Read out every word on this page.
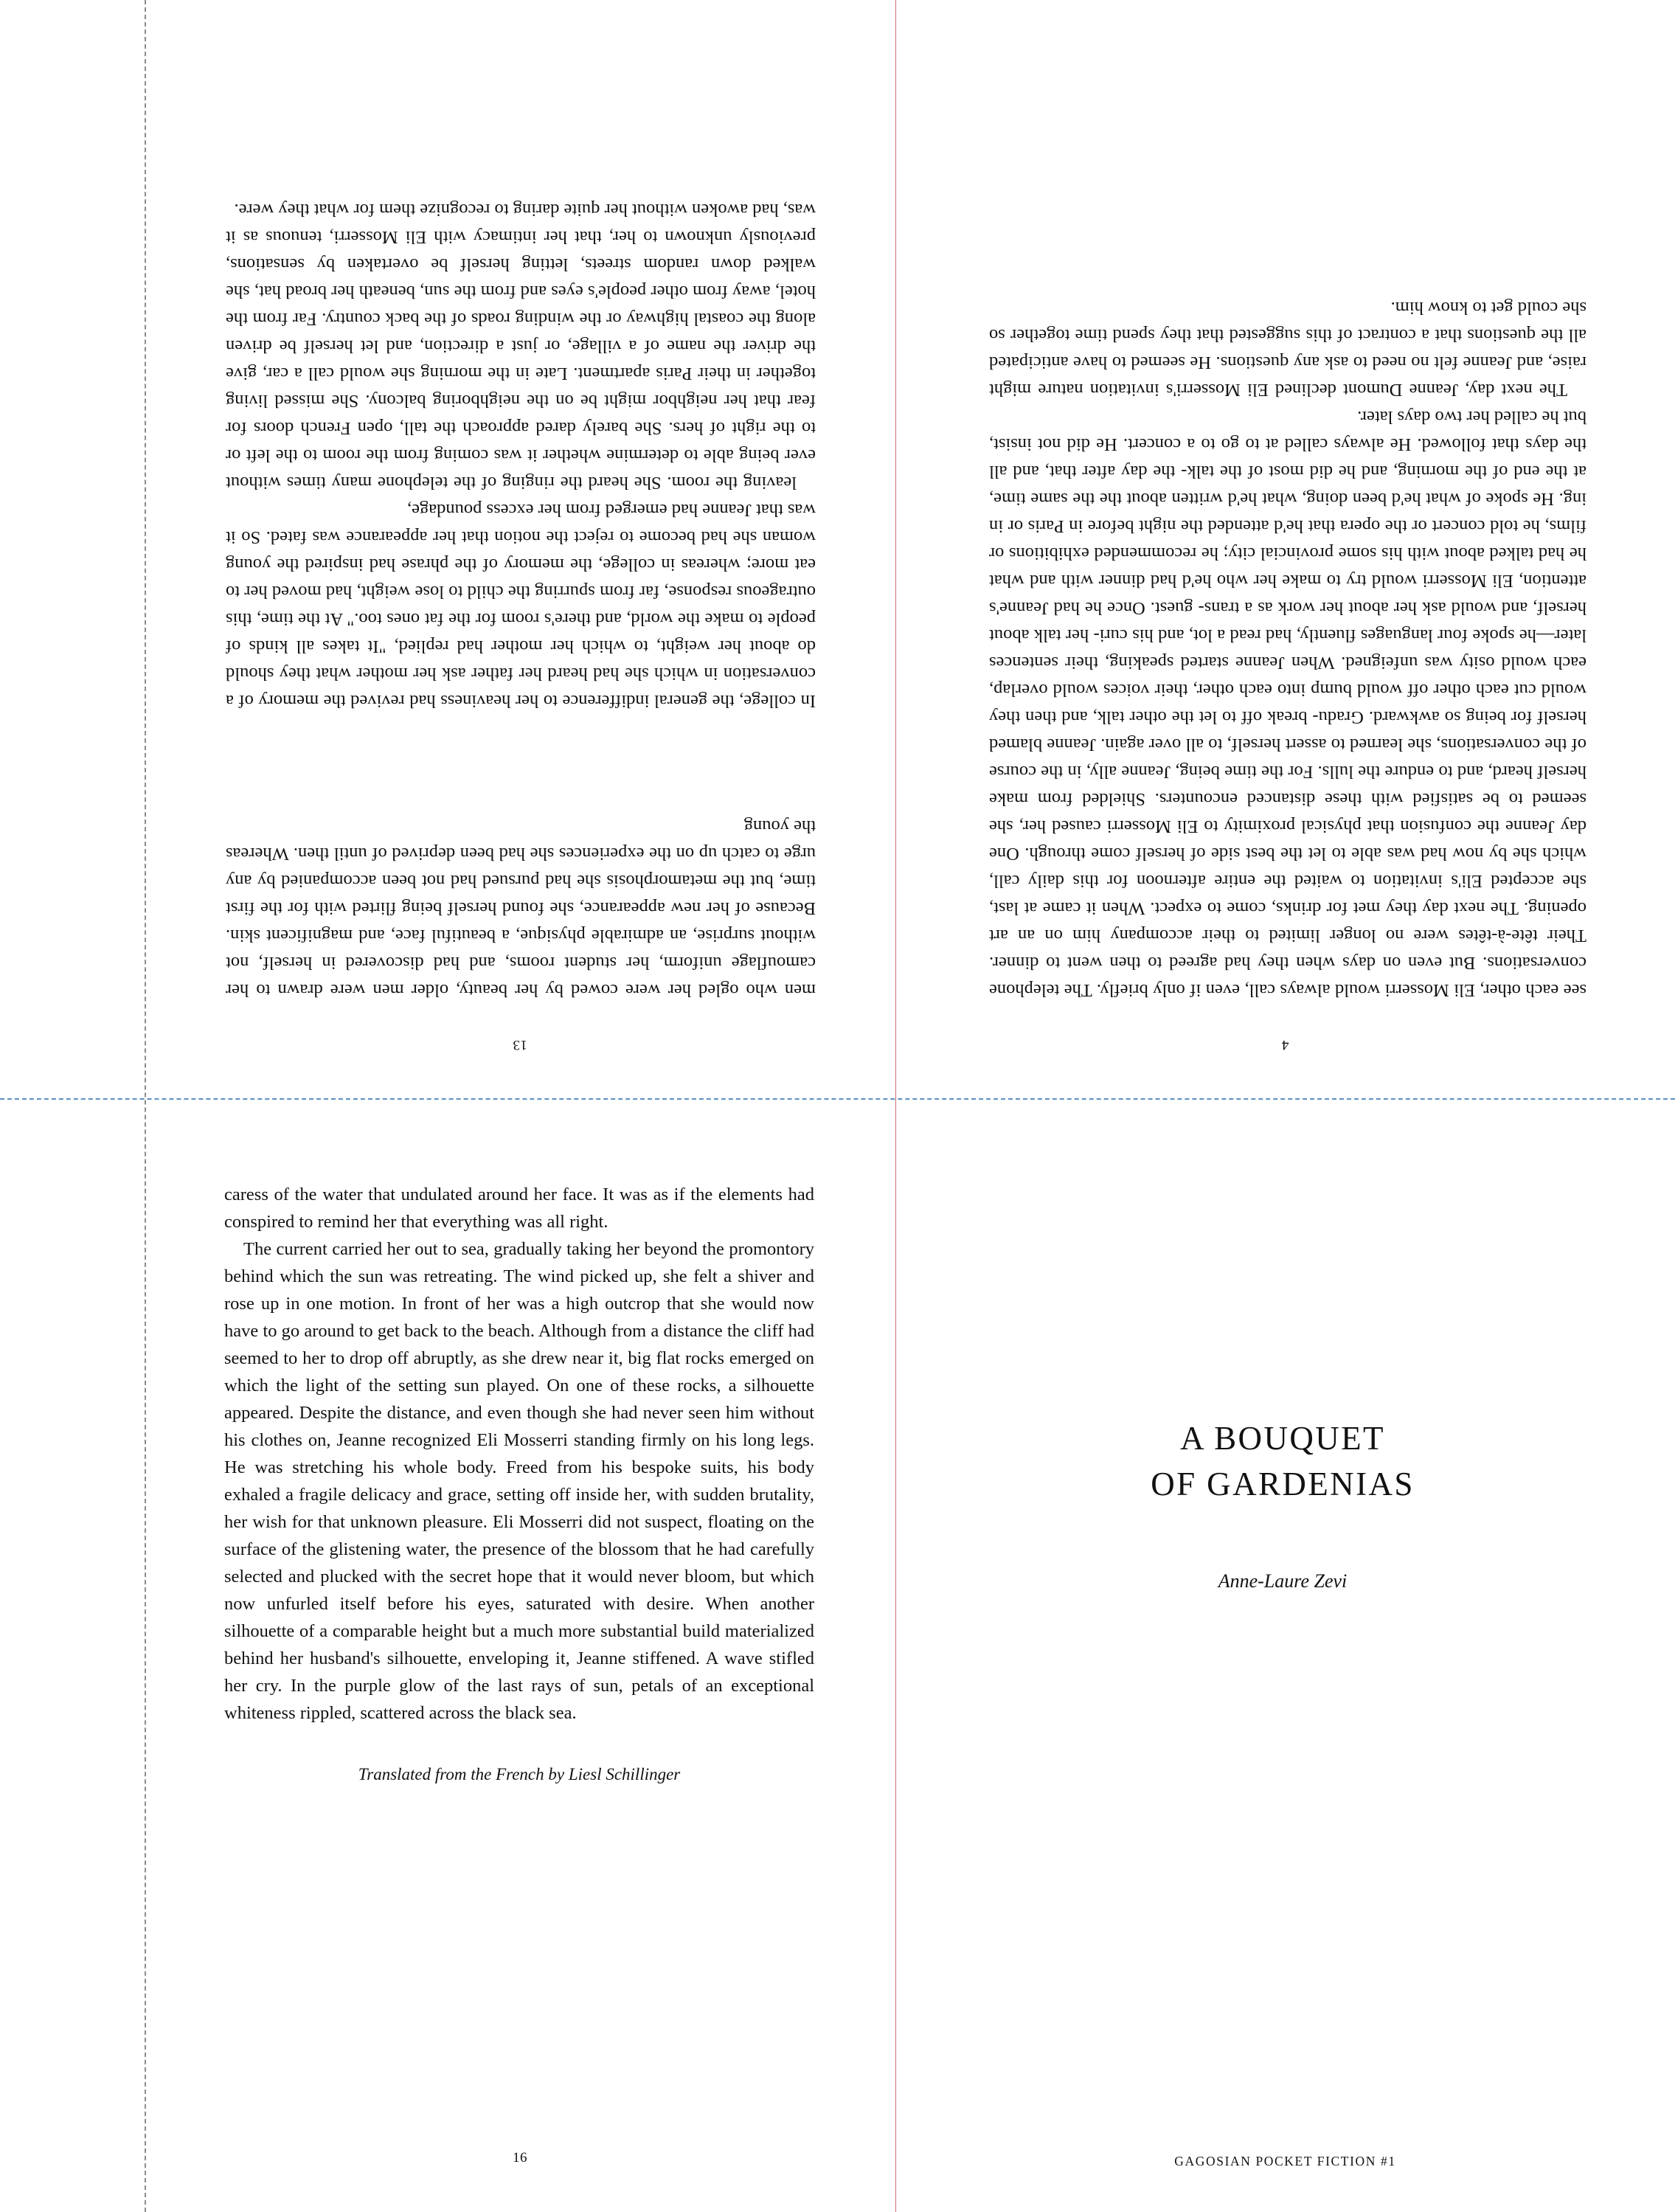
13

men who ogled her were cowed by her beauty, older men were drawn to her camouflage uniform, her student rooms, and had discovered in herself, not without surprise, an admirable physique, a beautiful face, and magnificent skin. Because of her new appearance, she found herself being flirted with for the first time, but the metamorphosis she had pursued had not been accompanied by any urge to catch up on the experiences she had been deprived of until then. Whereas the young

In college, the general indifference to her heaviness had revived the memory of a conversation in which she had heard her father ask her mother what they should do about her weight, to which her mother had replied, "It takes all kinds of people to make the world, and there's room for the fat ones too." At the time, this outrageous response, far from spurring the child to lose weight, had moved her to eat more; whereas in college, the memory of the phrase had inspired the young woman she had become to reject the notion that her appearance was fated. So it was that Jeanne had emerged from her excess poundage,

leaving the room. She heard the ringing of the telephone many times without ever being able to determine whether it was coming from the room to the left or to the right of hers. She barely dared approach the tall, open French doors for fear that her neighbor might be on the neighboring balcony. She missed living together in their Paris apartment. Late in the morning she would call a car, give the driver the name of a village, or just a direction, and let herself be driven along the coastal highway or the winding roads of the back country. Far from the hotel, away from other people's eyes and from the sun, beneath her broad hat, she walked down random streets, letting herself be overtaken by sensations, previously unknown to her, that her intimacy with Eli Mosserri, tenuous as it was, had awoken without her quite daring to recognize them for what they were.

4

see each other, Eli Mosserri would always call, even if only briefly. The telephone conversations. But even on days when they had agreed to then went to dinner. Their tête-à-têtes were no longer limited to their accompany him on an art opening. The next day they met for drinks, come to expect. When it came at last, she accepted Eli's invitation to waited the entire afternoon for this daily call, which she by now had was able to let the best side of herself come through. One day Jeanne the confusion that physical proximity to Eli Mosserri caused her, she seemed to be satisfied with these distanced encounters. Shielded from make herself heard, and to endure the lulls. For the time being, Jeanne ally, in the course of the conversations, she learned to assert herself, to all over again. Jeanne blamed herself for being so awkward. Gradu- break off to let the other talk, and then they would cut each other off would bump into each other, their voices would overlap, each would osity was unfeigned. When Jeanne started speaking, their sentences later—he spoke four languages fluently, had read a lot, and his curi- her talk about herself, and would ask her about her work as a trans- guest. Once he had Jeanne's attention, Eli Mosserri would try to make her who he'd had dinner with and what he had talked about with his some provincial city; he recommended exhibitions or films, he told concert or the opera that he'd attended the night before in Paris or in ing. He spoke of what he'd been doing, what he'd written about the the same time, at the end of the morning, and he did most of the talk- the day after that, and all the days that followed. He always called at to go to a concert. He did not insist, but he called her two days later.

The next day, Jeanne Dumont declined Eli Mosserri's invitation nature might raise, and Jeanne felt no need to ask any questions. He seemed to have anticipated all the questions that a contract of this suggested that they spend time together so she could get to know him.

caress of the water that undulated around her face. It was as if the elements had conspired to remind her that everything was all right.

The current carried her out to sea, gradually taking her beyond the promontory behind which the sun was retreating. The wind picked up, she felt a shiver and rose up in one motion. In front of her was a high outcrop that she would now have to go around to get back to the beach. Although from a distance the cliff had seemed to her to drop off abruptly, as she drew near it, big flat rocks emerged on which the light of the setting sun played. On one of these rocks, a silhouette appeared. Despite the distance, and even though she had never seen him without his clothes on, Jeanne recognized Eli Mosserri standing firmly on his long legs. He was stretching his whole body. Freed from his bespoke suits, his body exhaled a fragile delicacy and grace, setting off inside her, with sudden brutality, her wish for that unknown pleasure. Eli Mosserri did not suspect, floating on the surface of the glistening water, the presence of the blossom that he had carefully selected and plucked with the secret hope that it would never bloom, but which now unfurled itself before his eyes, saturated with desire. When another silhouette of a comparable height but a much more substantial build materialized behind her husband's silhouette, enveloping it, Jeanne stiffened. A wave stifled her cry. In the purple glow of the last rays of sun, petals of an exceptional whiteness rippled, scattered across the black sea.

Translated from the French by Liesl Schillinger
16
A BOUQUET
OF GARDENIAS

Anne-Laure Zevi

GAGOSIAN POCKET FICTION #1
